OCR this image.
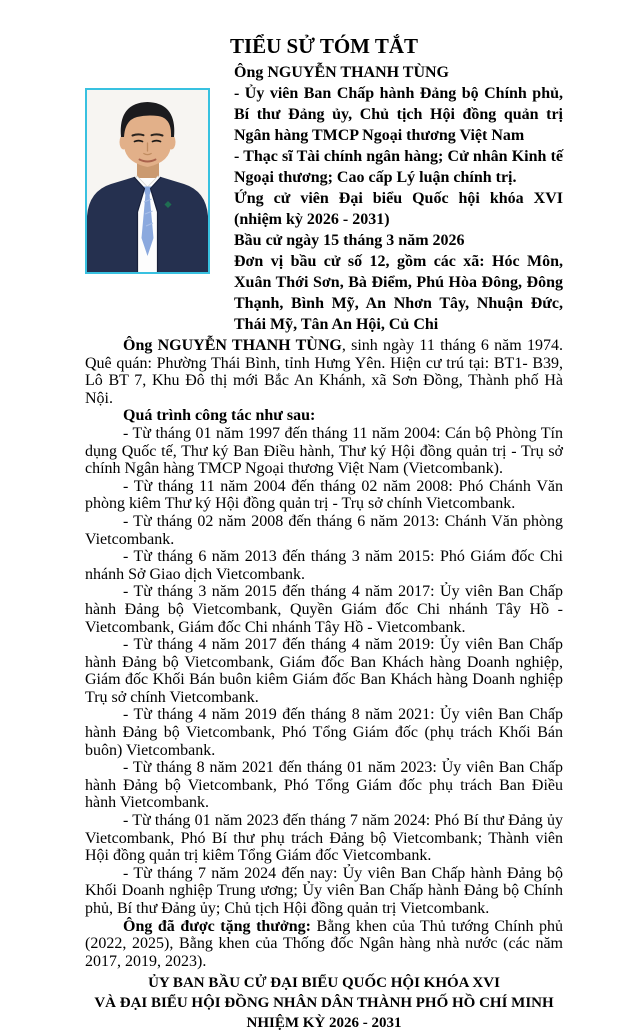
TIỂU SỬ TÓM TẮT

Ông NGUYỄN THANH TÙNG

- Ủy viên Ban Chấp hành Đảng bộ Chính phủ, Bí thư Đảng ủy, Chủ tịch Hội đồng quản trị Ngân hàng TMCP Ngoại thương Việt Nam

- Thạc sĩ Tài chính ngân hàng; Cử nhân Kinh tế Ngoại thương; Cao cấp Lý luận chính trị.

Ứng cử viên Đại biểu Quốc hội khóa XVI (nhiệm kỳ 2026 - 2031)

Bầu cử ngày 15 tháng 3 năm 2026

Đơn vị bầu cử số 12, gồm các xã: Hóc Môn, Xuân Thới Sơn, Bà Điểm, Phú Hòa Đông, Đông Thạnh, Bình Mỹ, An Nhơn Tây, Nhuận Đức, Thái Mỹ, Tân An Hội, Củ Chi

Ông NGUYỄN THANH TÙNG, sinh ngày 11 tháng 6 năm 1974. Quê quán: Phường Thái Bình, tỉnh Hưng Yên. Hiện cư trú tại: BT1- B39, Lô BT 7, Khu Đô thị mới Bắc An Khánh, xã Sơn Đồng, Thành phố Hà Nội.

Quá trình công tác như sau:

- Từ tháng 01 năm 1997 đến tháng 11 năm 2004: Cán bộ Phòng Tín dụng Quốc tế, Thư ký Ban Điều hành, Thư ký Hội đồng quản trị - Trụ sở chính Ngân hàng TMCP Ngoại thương Việt Nam (Vietcombank).

- Từ tháng 11 năm 2004 đến tháng 02 năm 2008: Phó Chánh Văn phòng kiêm Thư ký Hội đồng quản trị - Trụ sở chính Vietcombank.

- Từ tháng 02 năm 2008 đến tháng 6 năm 2013: Chánh Văn phòng Vietcombank.

- Từ tháng 6 năm 2013 đến tháng 3 năm 2015: Phó Giám đốc Chi nhánh Sở Giao dịch Vietcombank.

- Từ tháng 3 năm 2015 đến tháng 4 năm 2017: Ủy viên Ban Chấp hành Đảng bộ Vietcombank, Quyền Giám đốc Chi nhánh Tây Hồ - Vietcombank, Giám đốc Chi nhánh Tây Hồ - Vietcombank.

- Từ tháng 4 năm 2017 đến tháng 4 năm 2019: Ủy viên Ban Chấp hành Đảng bộ Vietcombank, Giám đốc Ban Khách hàng Doanh nghiệp, Giám đốc Khối Bán buôn kiêm Giám đốc Ban Khách hàng Doanh nghiệp Trụ sở chính Vietcombank.

- Từ tháng 4 năm 2019 đến tháng 8 năm 2021: Ủy viên Ban Chấp hành Đảng bộ Vietcombank, Phó Tổng Giám đốc (phụ trách Khối Bán buôn) Vietcombank.

- Từ tháng 8 năm 2021 đến tháng 01 năm 2023: Ủy viên Ban Chấp hành Đảng bộ Vietcombank, Phó Tổng Giám đốc phụ trách Ban Điều hành Vietcombank.

- Từ tháng 01 năm 2023 đến tháng 7 năm 2024: Phó Bí thư Đảng ủy Vietcombank, Phó Bí thư phụ trách Đảng bộ Vietcombank; Thành viên Hội đồng quản trị kiêm Tổng Giám đốc Vietcombank.

- Từ tháng 7 năm 2024 đến nay: Ủy viên Ban Chấp hành Đảng bộ Khối Doanh nghiệp Trung ương; Ủy viên Ban Chấp hành Đảng bộ Chính phủ, Bí thư Đảng ủy; Chủ tịch Hội đồng quản trị Vietcombank.

Ông đã được tặng thưởng: Bằng khen của Thủ tướng Chính phủ (2022, 2025), Bằng khen của Thống đốc Ngân hàng nhà nước (các năm 2017, 2019, 2023).

ỦY BAN BẦU CỬ ĐẠI BIỂU QUỐC HỘI KHÓA XVI

VÀ ĐẠI BIỂU HỘI ĐỒNG NHÂN DÂN THÀNH PHỐ HỒ CHÍ MINH

NHIỆM KỲ 2026 - 2031
